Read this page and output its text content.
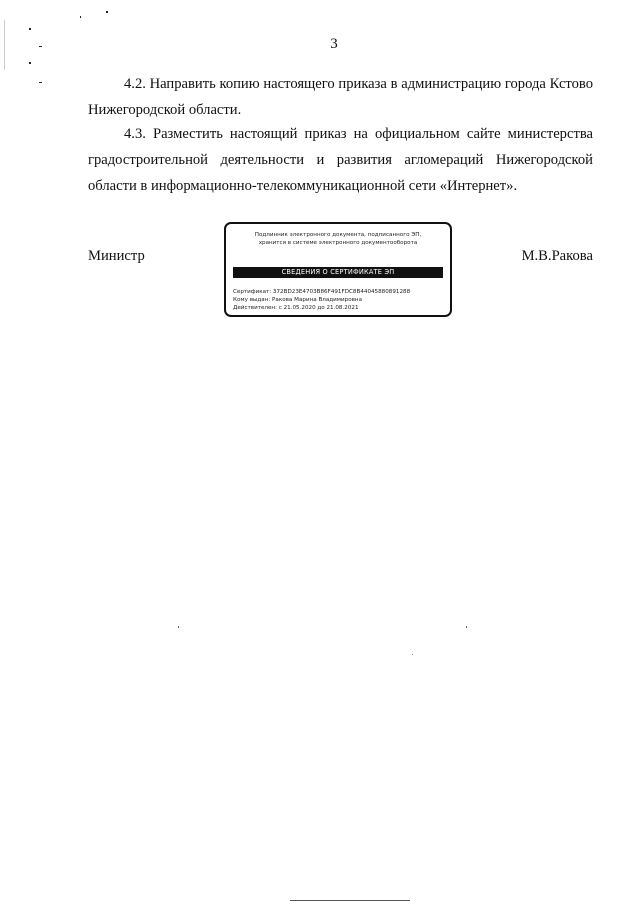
3
4.2. Направить копию настоящего приказа в администрацию города Кстово
Нижегородской области.
4.3. Разместить настоящий приказ на официальном сайте министерства
градостроительной деятельности и развития агломераций Нижегородской
области в информационно-телекоммуникационной сети «Интернет».
Министр	М.В.Ракова
Подлинник электронного документа, подписанного ЭП,
хранится в системе электронного документооборота
СВЕДЕНИЯ О СЕРТИФИКАТЕ ЭП
Сертификат: 372BD23E4703B86F491FDC8B44045880891288
Кому выдан: Ракова Марина Владимировна
Действителен: с 21.05.2020 до 21.08.2021
